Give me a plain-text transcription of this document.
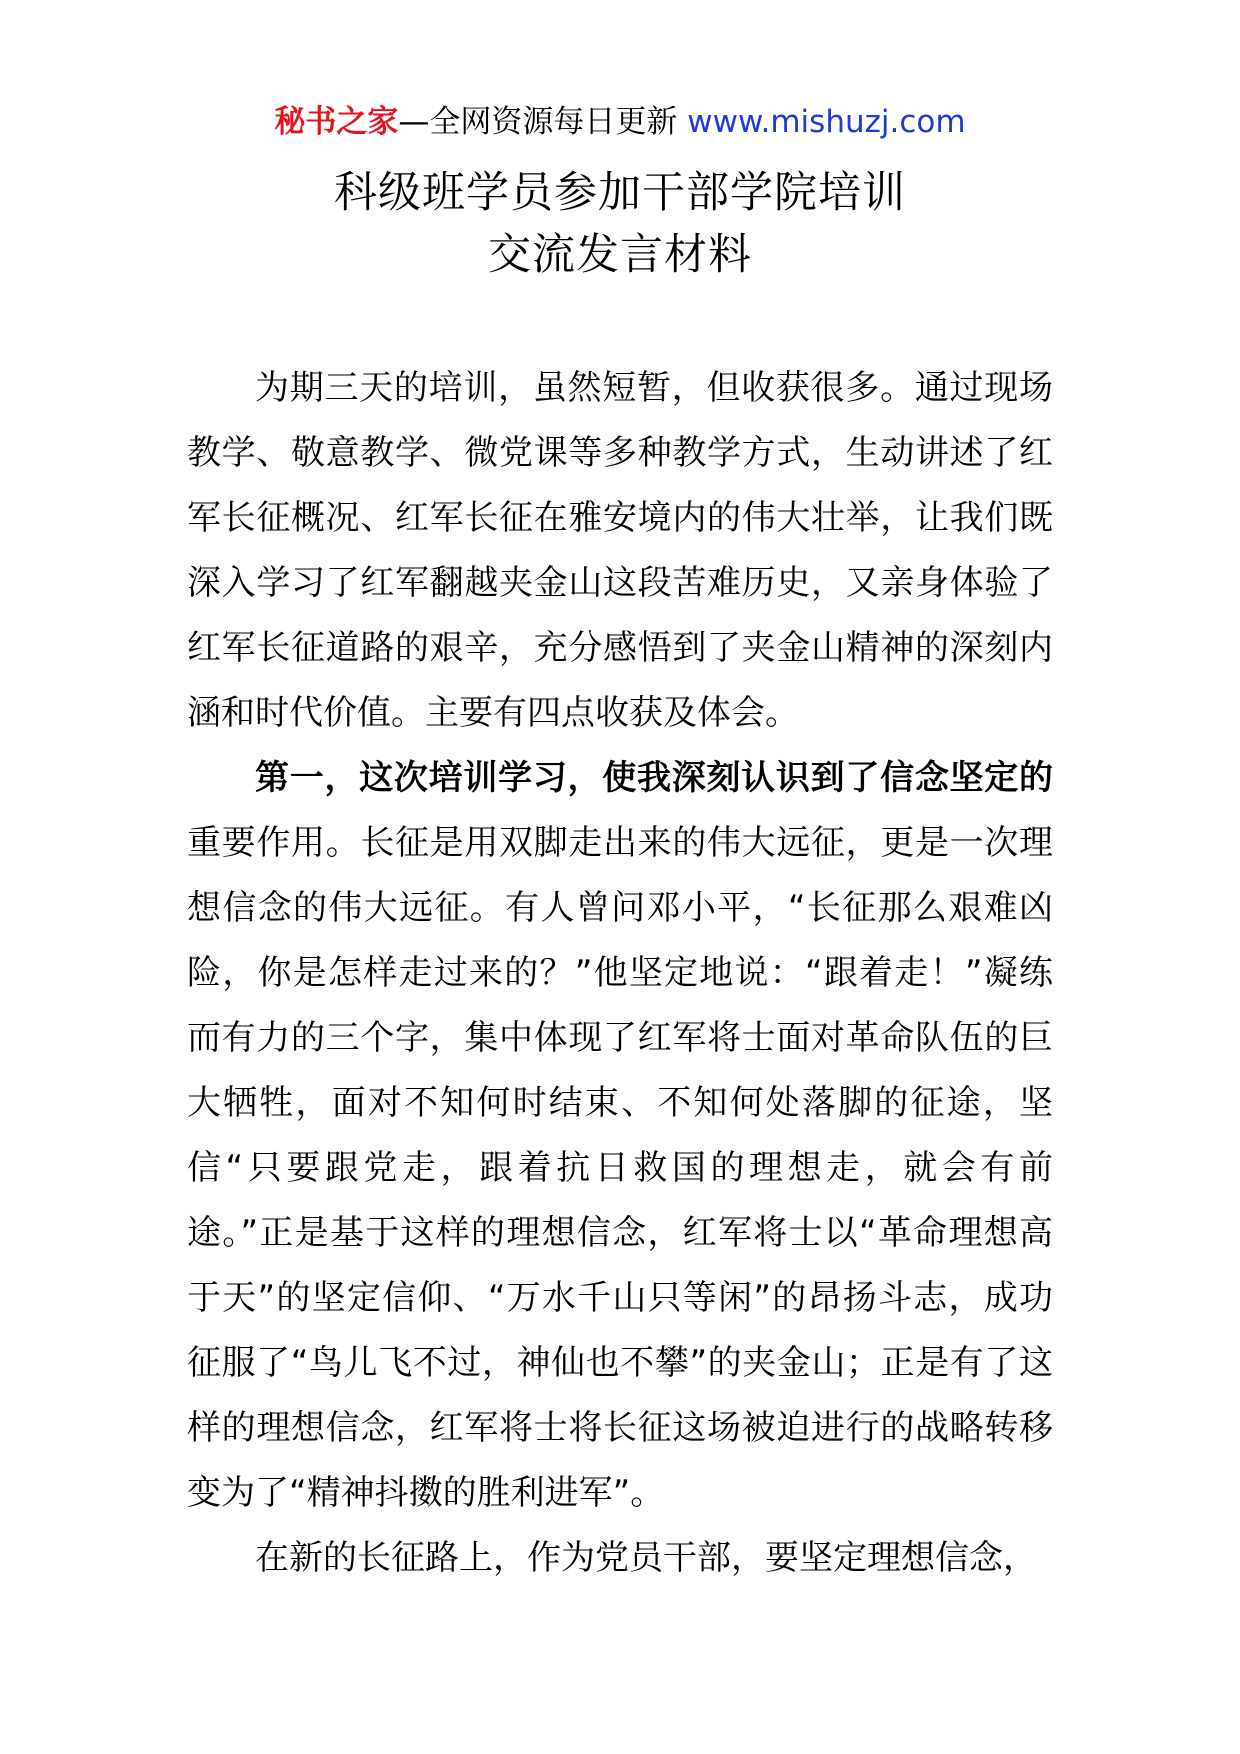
秘书之家—全网资源每日更新 www.mishuzj.com
科级班学员参加干部学院培训
交流发言材料

为期三天的培训，虽然短暂，但收获很多。通过现场教学、敬意教学、微党课等多种教学方式，生动讲述了红军长征概况、红军长征在雅安境内的伟大壮举，让我们既深入学习了红军翻越夹金山这段苦难历史，又亲身体验了红军长征道路的艰辛，充分感悟到了夹金山精神的深刻内涵和时代价值。主要有四点收获及体会。

第一，这次培训学习，使我深刻认识到了信念坚定的重要作用。长征是用双脚走出来的伟大远征，更是一次理想信念的伟大远征。有人曾问邓小平，“长征那么艰难凶险，你是怎样走过来的？”他坚定地说：“跟着走！”凝练而有力的三个字，集中体现了红军将士面对革命队伍的巨大牺牲，面对不知何时结束、不知何处落脚的征途，坚信“只要跟党走，跟着抗日救国的理想走，就会有前途。”正是基于这样的理想信念，红军将士以“革命理想高于天”的坚定信仰、“万水千山只等闲”的昂扬斗志，成功征服了“鸟儿飞不过，神仙也不攀”的夹金山；正是有了这样的理想信念，红军将士将长征这场被迫进行的战略转移变为了“精神抖擞的胜利进军”。

在新的长征路上，作为党员干部，要坚定理想信念，
